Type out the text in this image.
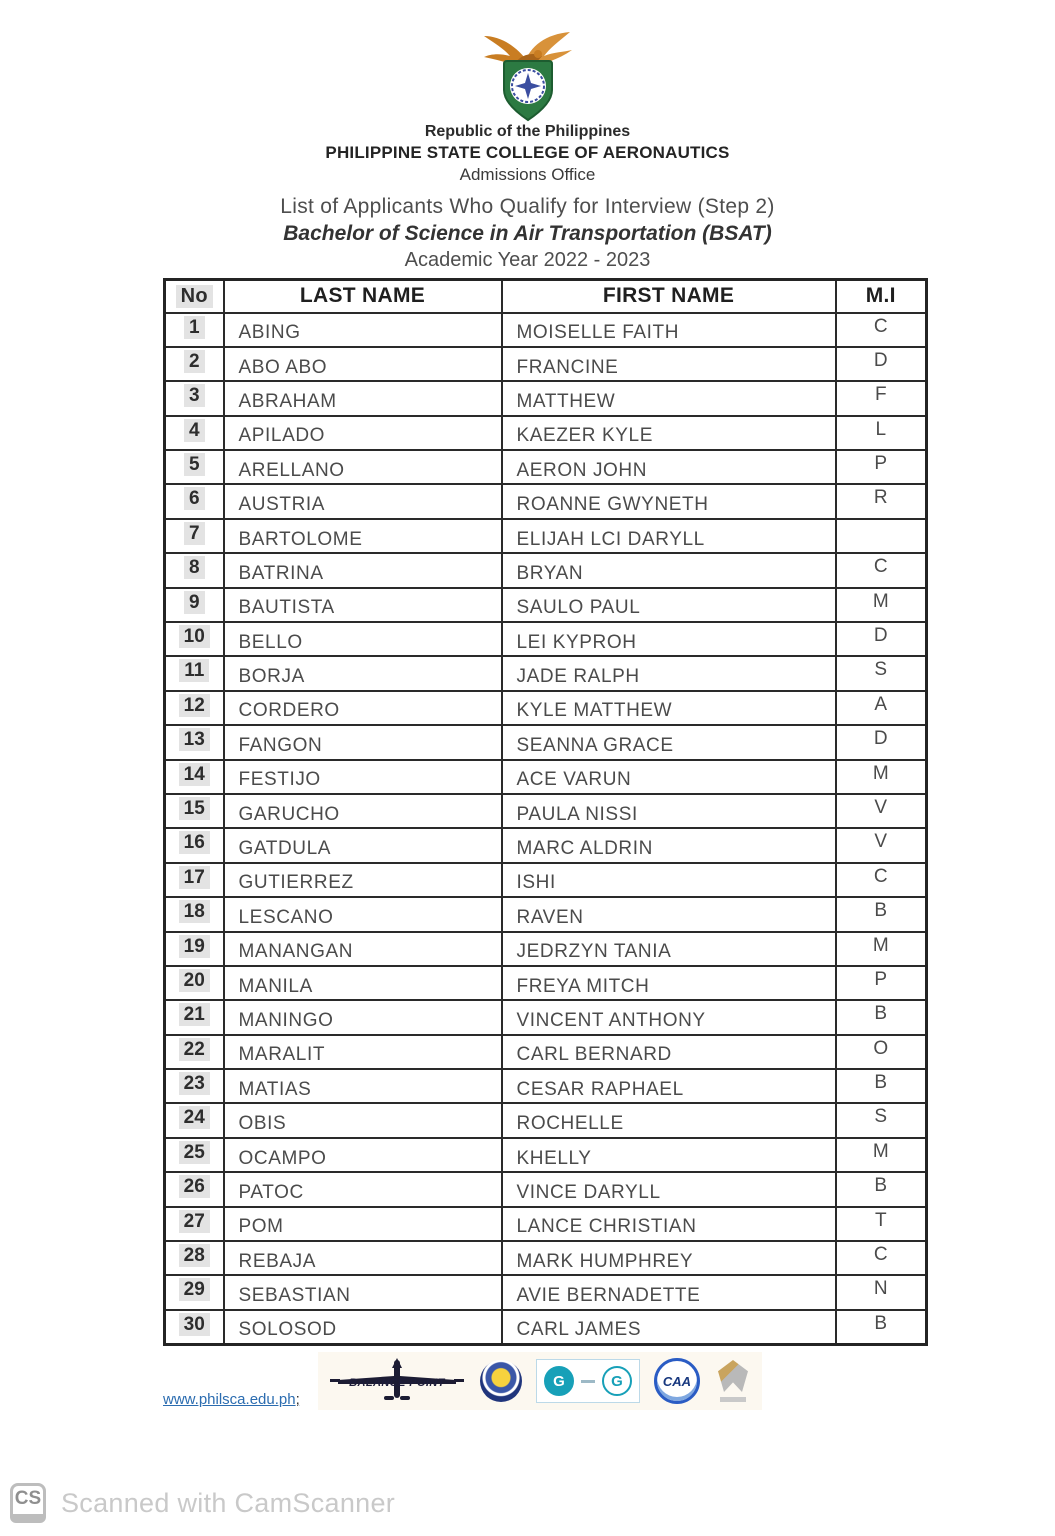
Republic of the Philippines
PHILIPPINE STATE COLLEGE OF AERONAUTICS
Admissions Office
List of Applicants Who Qualify for Interview (Step 2)
Bachelor of Science in Air Transportation (BSAT)
Academic Year 2022 - 2023
No	LAST NAME	FIRST NAME	M.I
1	ABING	MOISELLE FAITH	C
2	ABO ABO	FRANCINE	D
3	ABRAHAM	MATTHEW	F
4	APILADO	KAEZER KYLE	L
5	ARELLANO	AERON JOHN	P
6	AUSTRIA	ROANNE GWYNETH	R
7	BARTOLOME	ELIJAH LCI DARYLL	
8	BATRINA	BRYAN	C
9	BAUTISTA	SAULO PAUL	M
10	BELLO	LEI KYPROH	D
11	BORJA	JADE RALPH	S
12	CORDERO	KYLE MATTHEW	A
13	FANGON	SEANNA GRACE	D
14	FESTIJO	ACE VARUN	M
15	GARUCHO	PAULA NISSI	V
16	GATDULA	MARC ALDRIN	V
17	GUTIERREZ	ISHI	C
18	LESCANO	RAVEN	B
19	MANANGAN	JEDRZYN TANIA	M
20	MANILA	FREYA MITCH	P
21	MANINGO	VINCENT ANTHONY	B
22	MARALIT	CARL BERNARD	O
23	MATIAS	CESAR RAPHAEL	B
24	OBIS	ROCHELLE	S
25	OCAMPO	KHELLY	M
26	PATOC	VINCE DARYLL	B
27	POM	LANCE CHRISTIAN	T
28	REBAJA	MARK HUMPHREY	C
29	SEBASTIAN	AVIE BERNADETTE	N
30	SOLOSOD	CARL JAMES	B
www.philsca.edu.ph;
BALANCE POINT	G	G	CAA
CS Scanned with CamScanner
